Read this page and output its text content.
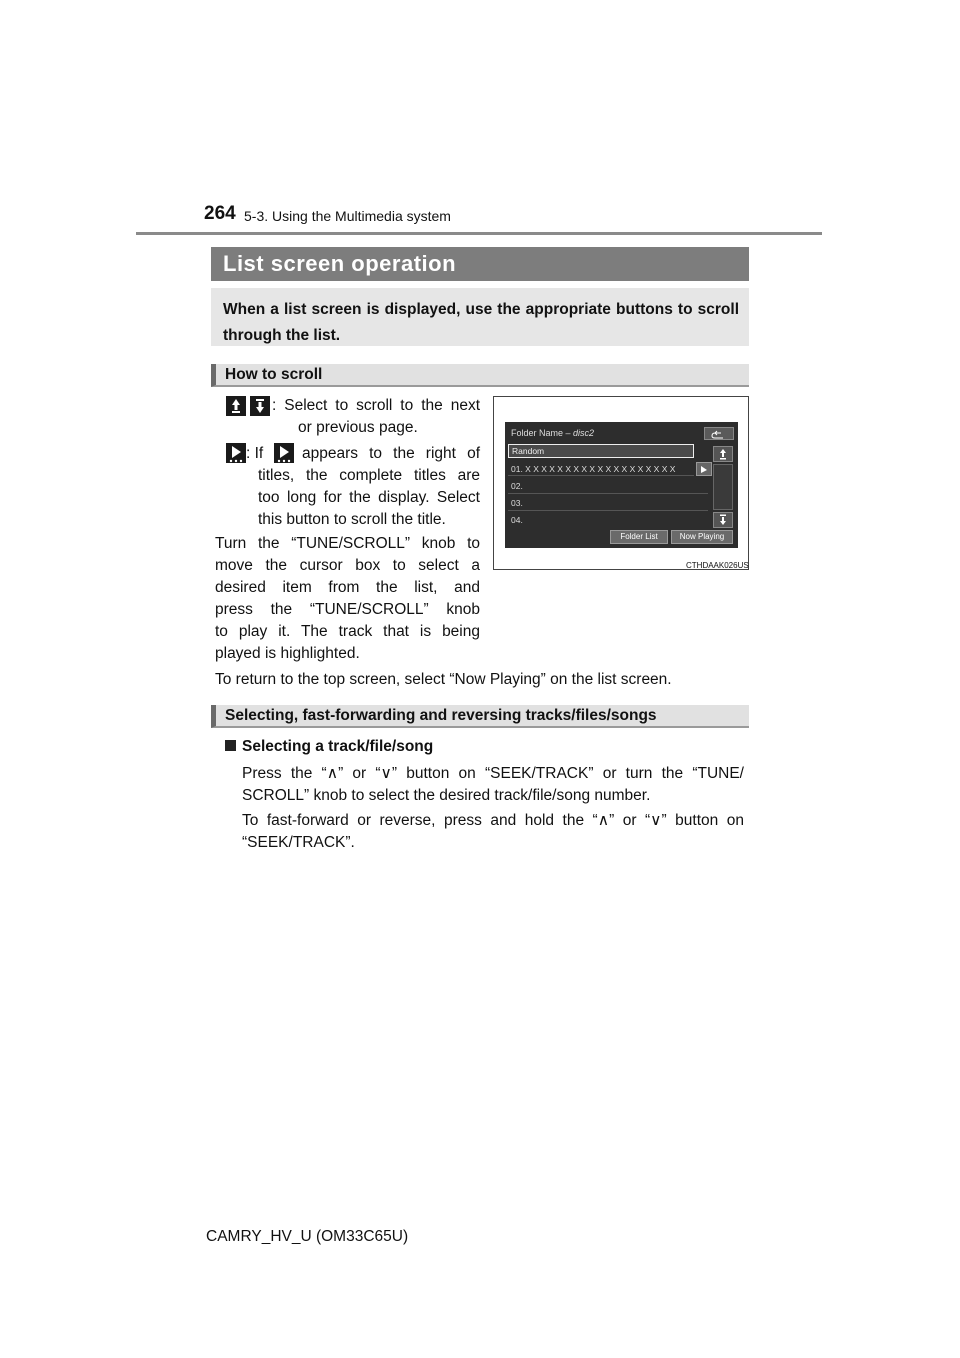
264 5-3. Using the Multimedia system
List screen operation

When a list screen is displayed, use the appropriate buttons to scroll through the list.

How to scroll
: Select to scroll to the next
or previous page.
: If	appears to the right of
titles, the complete titles are
too long for the display. Select
this button to scroll the title.
Turn the “TUNE/SCROLL” knob to
move the cursor box to select a
desired item from the list, and
press the “TUNE/SCROLL” knob
to play it. The track that is being
played is highlighted.
To return to the top screen, select “Now Playing” on the list screen.
Folder Name – disc2
Random
01. X X X X X X X X X X X X X X X X X X X
02.
03.
04.
Folder List	Now Playing
CTHDAAK026US
Selecting, fast-forwarding and reversing tracks/files/songs
Selecting a track/file/song
Press the “∧” or “∨” button on “SEEK/TRACK” or turn the “TUNE/
SCROLL” knob to select the desired track/file/song number.
To fast-forward or reverse, press and hold the “∧” or “∨” button on
“SEEK/TRACK”.
CAMRY_HV_U (OM33C65U)
